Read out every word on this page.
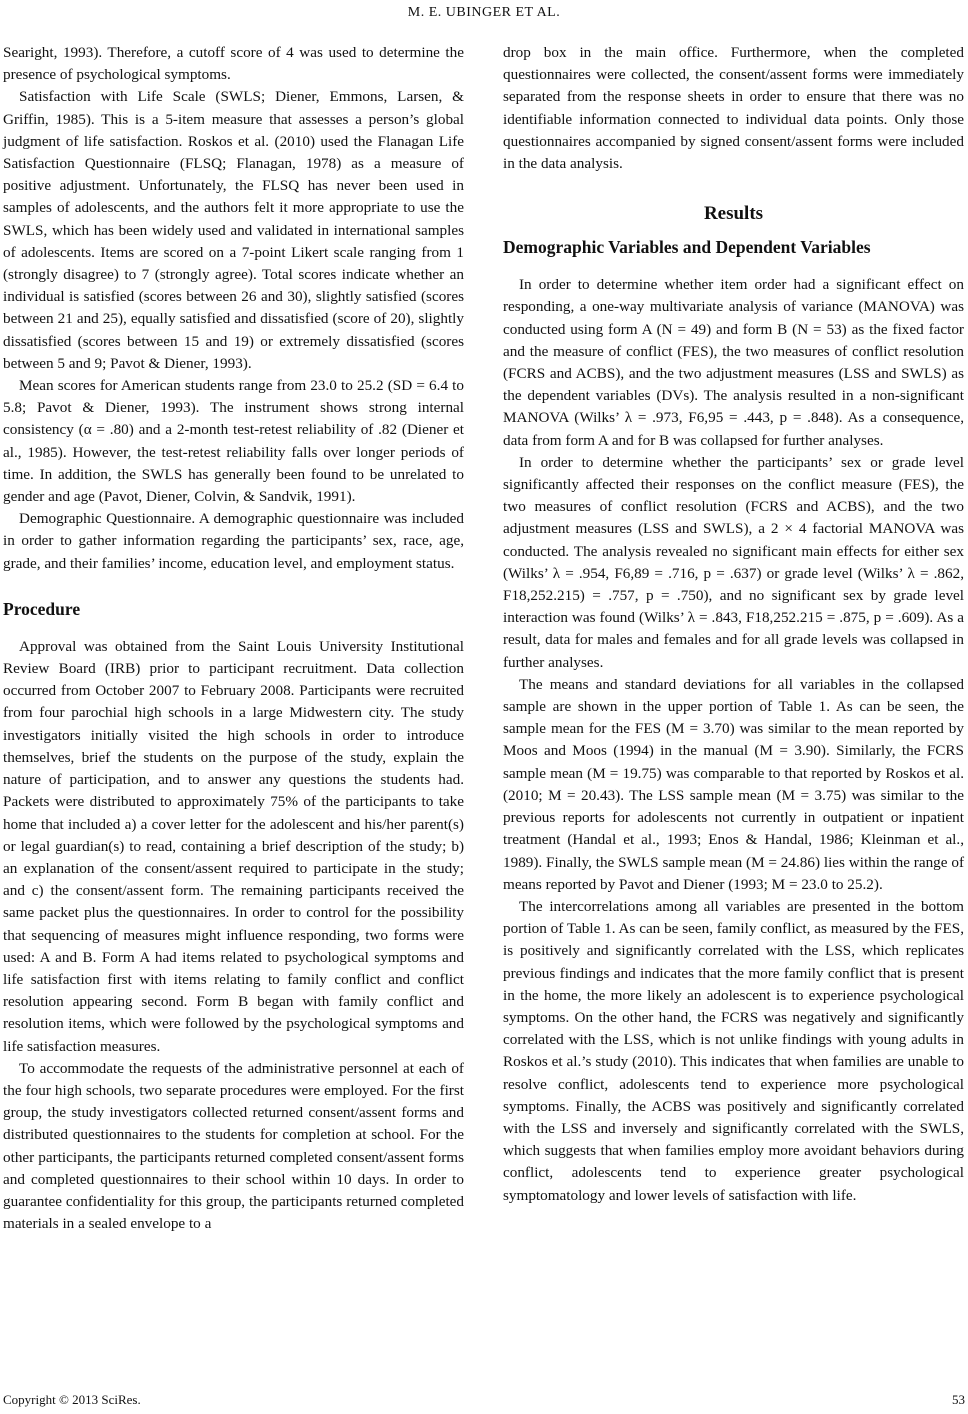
M. E. UBINGER ET AL.

Searight, 1993). Therefore, a cutoff score of 4 was used to determine the presence of psychological symptoms.

Satisfaction with Life Scale (SWLS; Diener, Emmons, Larsen, & Griffin, 1985). This is a 5-item measure that assesses a person’s global judgment of life satisfaction. Roskos et al. (2010) used the Flanagan Life Satisfaction Questionnaire (FLSQ; Flanagan, 1978) as a measure of positive adjustment. Unfortunately, the FLSQ has never been used in samples of adolescents, and the authors felt it more appropriate to use the SWLS, which has been widely used and validated in international samples of adolescents. Items are scored on a 7-point Likert scale ranging from 1 (strongly disagree) to 7 (strongly agree). Total scores indicate whether an individual is satisfied (scores between 26 and 30), slightly satisfied (scores between 21 and 25), equally satisfied and dissatisfied (score of 20), slightly dissatisfied (scores between 15 and 19) or extremely dissatisfied (scores between 5 and 9; Pavot & Diener, 1993).

Mean scores for American students range from 23.0 to 25.2 (SD = 6.4 to 5.8; Pavot & Diener, 1993). The instrument shows strong internal consistency (α = .80) and a 2-month test-retest reliability of .82 (Diener et al., 1985). However, the test-retest reliability falls over longer periods of time. In addition, the SWLS has generally been found to be unrelated to gender and age (Pavot, Diener, Colvin, & Sandvik, 1991).

Demographic Questionnaire. A demographic questionnaire was included in order to gather information regarding the participants’ sex, race, age, grade, and their families’ income, education level, and employment status.

Procedure

Approval was obtained from the Saint Louis University Institutional Review Board (IRB) prior to participant recruitment. Data collection occurred from October 2007 to February 2008. Participants were recruited from four parochial high schools in a large Midwestern city. The study investigators initially visited the high schools in order to introduce themselves, brief the students on the purpose of the study, explain the nature of participation, and to answer any questions the students had. Packets were distributed to approximately 75% of the participants to take home that included a) a cover letter for the adolescent and his/her parent(s) or legal guardian(s) to read, containing a brief description of the study; b) an explanation of the consent/assent required to participate in the study; and c) the consent/assent form. The remaining participants received the same packet plus the questionnaires. In order to control for the possibility that sequencing of measures might influence responding, two forms were used: A and B. Form A had items related to psychological symptoms and life satisfaction first with items relating to family conflict and conflict resolution appearing second. Form B began with family conflict and resolution items, which were followed by the psychological symptoms and life satisfaction measures.

To accommodate the requests of the administrative personnel at each of the four high schools, two separate procedures were employed. For the first group, the study investigators collected returned consent/assent forms and distributed questionnaires to the students for completion at school. For the other participants, the participants returned completed consent/assent forms and completed questionnaires to their school within 10 days. In order to guarantee confidentiality for this group, the participants returned completed materials in a sealed envelope to a

drop box in the main office. Furthermore, when the completed questionnaires were collected, the consent/assent forms were immediately separated from the response sheets in order to ensure that there was no identifiable information connected to individual data points. Only those questionnaires accompanied by signed consent/assent forms were included in the data analysis.

Results
Demographic Variables and Dependent Variables

In order to determine whether item order had a significant effect on responding, a one-way multivariate analysis of variance (MANOVA) was conducted using form A (N = 49) and form B (N = 53) as the fixed factor and the measure of conflict (FES), the two measures of conflict resolution (FCRS and ACBS), and the two adjustment measures (LSS and SWLS) as the dependent variables (DVs). The analysis resulted in a non-significant MANOVA (Wilks’ λ = .973, F6,95 = .443, p = .848). As a consequence, data from form A and for B was collapsed for further analyses.

In order to determine whether the participants’ sex or grade level significantly affected their responses on the conflict measure (FES), the two measures of conflict resolution (FCRS and ACBS), and the two adjustment measures (LSS and SWLS), a 2 × 4 factorial MANOVA was conducted. The analysis revealed no significant main effects for either sex (Wilks’ λ = .954, F6,89 = .716, p = .637) or grade level (Wilks’ λ = .862, F18,252.215) = .757, p = .750), and no significant sex by grade level interaction was found (Wilks’ λ = .843, F18,252.215 = .875, p = .609). As a result, data for males and females and for all grade levels was collapsed in further analyses.

The means and standard deviations for all variables in the collapsed sample are shown in the upper portion of Table 1. As can be seen, the sample mean for the FES (M = 3.70) was similar to the mean reported by Moos and Moos (1994) in the manual (M = 3.90). Similarly, the FCRS sample mean (M = 19.75) was comparable to that reported by Roskos et al. (2010; M = 20.43). The LSS sample mean (M = 3.75) was similar to the previous reports for adolescents not currently in outpatient or inpatient treatment (Handal et al., 1993; Enos & Handal, 1986; Kleinman et al., 1989). Finally, the SWLS sample mean (M = 24.86) lies within the range of means reported by Pavot and Diener (1993; M = 23.0 to 25.2).

The intercorrelations among all variables are presented in the bottom portion of Table 1. As can be seen, family conflict, as measured by the FES, is positively and significantly correlated with the LSS, which replicates previous findings and indicates that the more family conflict that is present in the home, the more likely an adolescent is to experience psychological symptoms. On the other hand, the FCRS was negatively and significantly correlated with the LSS, which is not unlike findings with young adults in Roskos et al.’s study (2010). This indicates that when families are unable to resolve conflict, adolescents tend to experience more psychological symptoms. Finally, the ACBS was positively and significantly correlated with the LSS and inversely and significantly correlated with the SWLS, which suggests that when families employ more avoidant behaviors during conflict, adolescents tend to experience greater psychological symptomatology and lower levels of satisfaction with life.

Copyright © 2013 SciRes.	53
